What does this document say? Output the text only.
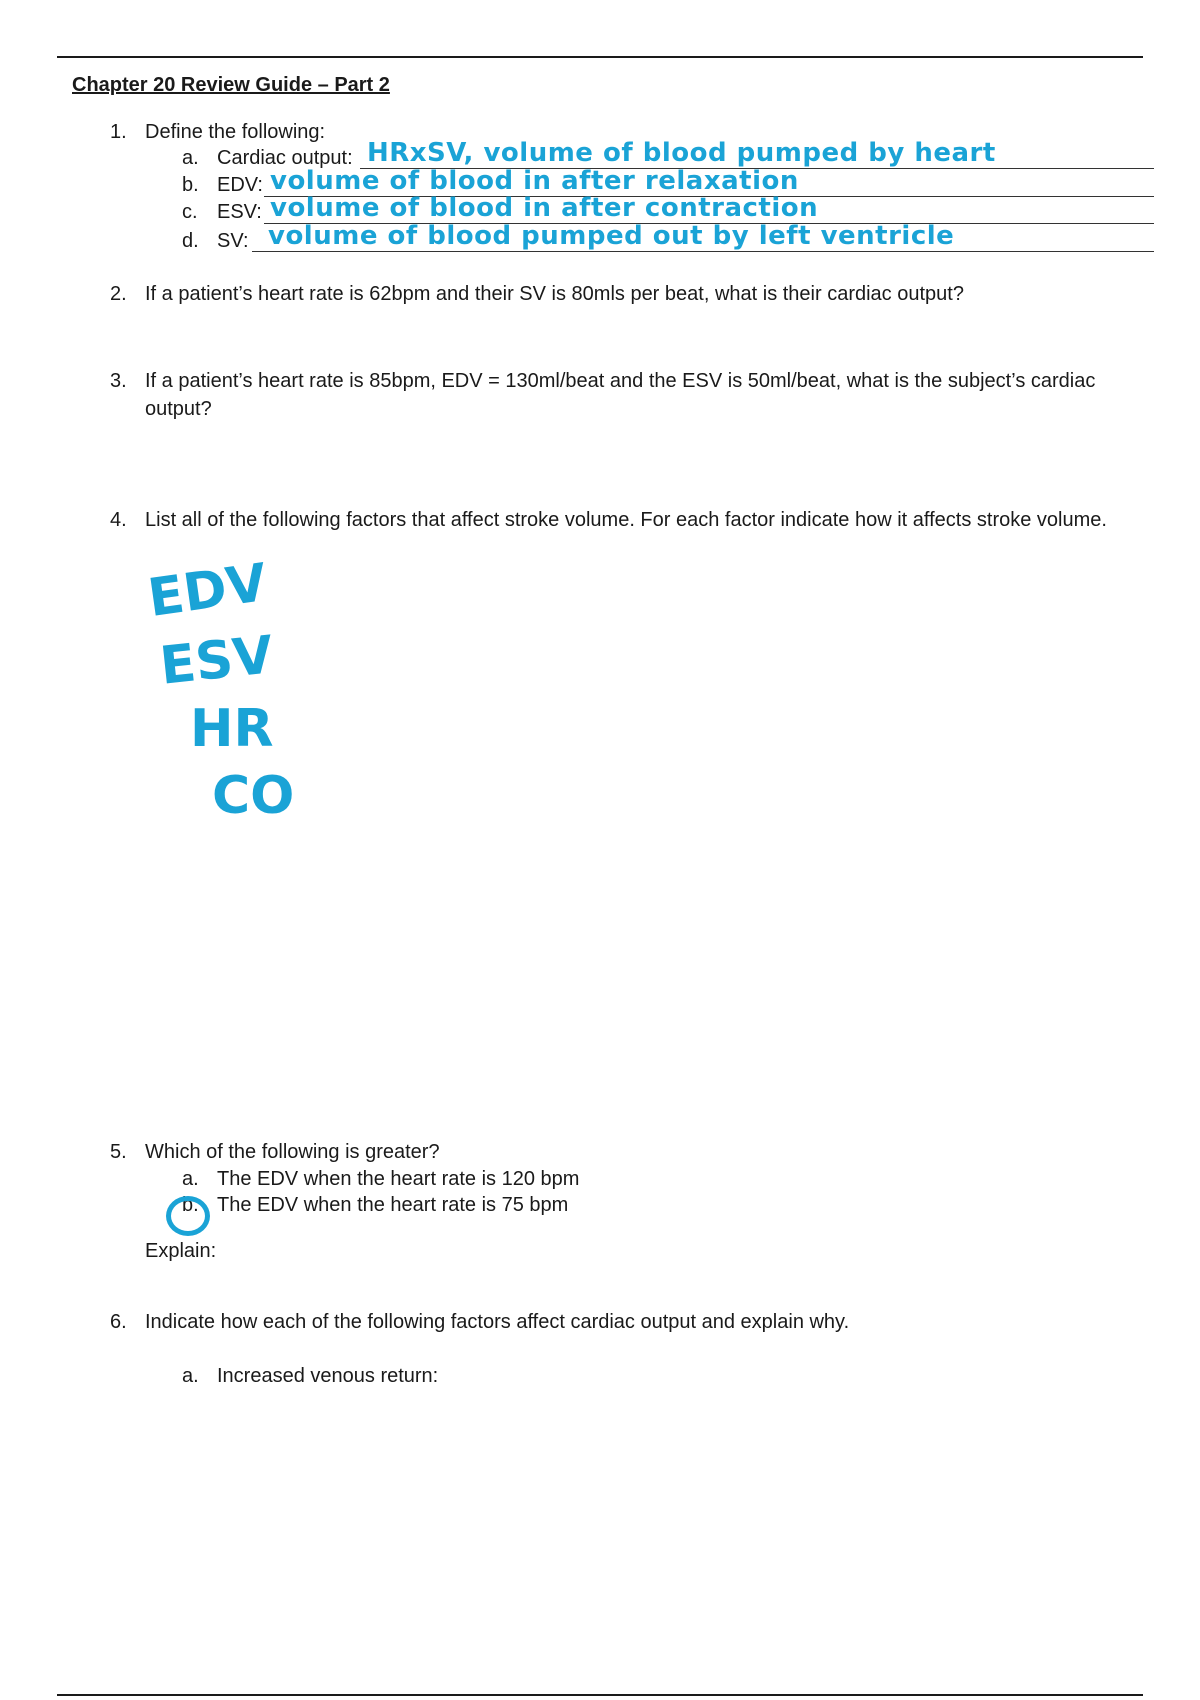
Chapter 20 Review Guide – Part 2
1. Define the following:
a. Cardiac output: HRxSV, volume of blood pumped by heart
b. EDV: volume of blood in after relaxation
c. ESV: volume of blood in after contraction
d. SV: volume of blood pumped out by left ventricle
2. If a patient’s heart rate is 62bpm and their SV is 80mls per beat, what is their cardiac output?
3. If a patient’s heart rate is 85bpm, EDV = 130ml/beat and the ESV is 50ml/beat, what is the subject’s cardiac
output?
4. List all of the following factors that affect stroke volume. For each factor indicate how it affects stroke volume.
EDV
ESV
HR
CO
5. Which of the following is greater?
a. The EDV when the heart rate is 120 bpm
b. The EDV when the heart rate is 75 bpm
Explain:
6. Indicate how each of the following factors affect cardiac output and explain why.
a. Increased venous return:
